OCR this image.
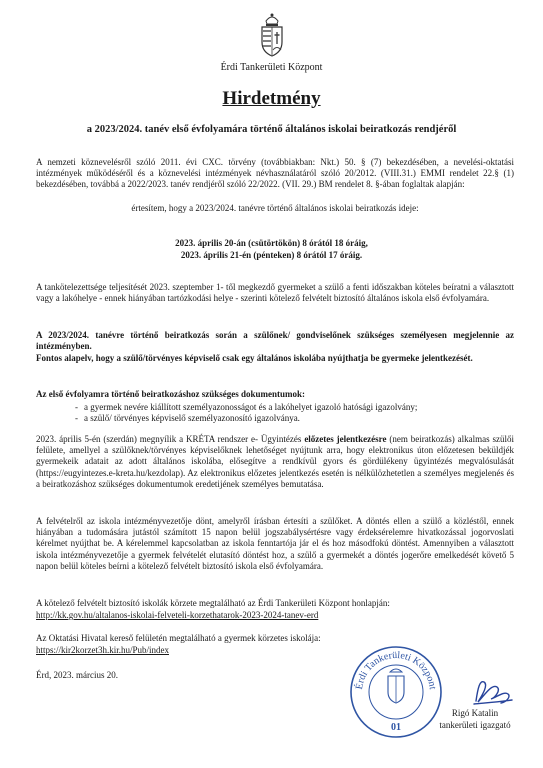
Érdi Tankerületi Központ
Hirdetmény
a 2023/2024. tanév első évfolyamára történő általános iskolai beiratkozás rendjéről
A nemzeti köznevelésről szóló 2011. évi CXC. törvény (továbbiakban: Nkt.) 50. § (7) bekezdésében, a nevelési-oktatási intézmények működéséről és a köznevelési intézmények névhasználatáról szóló 20/2012. (VIII.31.) EMMI rendelet 22.§ (1) bekezdésében, továbbá a 2022/2023. tanév rendjéről szóló 22/2022. (VII. 29.) BM rendelet 8. §-ában foglaltak alapján:
értesítem, hogy a 2023/2024. tanévre történő általános iskolai beiratkozás ideje:
2023. április 20-án (csütörtökön) 8 órától 18 óráig,
2023. április 21-én (pénteken) 8 órától 17 óráig.
A tankötelezettsége teljesítését 2023. szeptember 1- től megkezdő gyermeket a szülő a fenti időszakban köteles beíratni a választott vagy a lakóhelye - ennek hiányában tartózkodási helye - szerinti kötelező felvételt biztosító általános iskola első évfolyamára.
A 2023/2024. tanévre történő beiratkozás során a szülőnek/ gondviselőnek szükséges személyesen megjelennie az intézményben.
Fontos alapelv, hogy a szülő/törvényes képviselő csak egy általános iskolába nyújthatja be gyermeke jelentkezését.
Az első évfolyamra történő beiratkozáshoz szükséges dokumentumok:
- a gyermek nevére kiállított személyazonosságot és a lakóhelyet igazoló hatósági igazolvány;
- a szülő/ törvényes képviselő személyazonosító igazolványa.
2023. április 5-én (szerdán) megnyílik a KRÉTA rendszer e- Ügyintézés előzetes jelentkezésre (nem beiratkozás) alkalmas szülői felülete, amellyel a szülőknek/törvényes képviselőknek lehetőséget nyújtunk arra, hogy elektronikus úton előzetesen beküldjék gyermekeik adatait az adott általános iskolába, elősegítve a rendkívül gyors és gördülékeny ügyintézés megvalósulását (https://eugyintezes.e-kreta.hu/kezdolap). Az elektronikus előzetes jelentkezés esetén is nélkülözhetetlen a személyes megjelenés és a beiratkozáshoz szükséges dokumentumok eredetijének személyes bemutatása.
A felvételről az iskola intézményvezetője dönt, amelyről írásban értesíti a szülőket. A döntés ellen a szülő a közléstől, ennek hiányában a tudomására jutástól számított 15 napon belül jogszabálysértésre vagy érdeksérelemre hivatkozással jogorvoslati kérelmet nyújthat be. A kérelemmel kapcsolatban az iskola fenntartója jár el és hoz másodfokú döntést. Amennyiben a választott iskola intézményvezetője a gyermek felvételét elutasító döntést hoz, a szülő a gyermekét a döntés jogerőre emelkedését követő 5 napon belül köteles beírni a kötelező felvételt biztosító iskola első évfolyamára.
A kötelező felvételt biztosító iskolák körzete megtalálható az Érdi Tankerületi Központ honlapján:
http://kk.gov.hu/altalanos-iskolai-felveteli-korzethatarok-2023-2024-tanev-erd
Az Oktatási Hivatal kereső felületén megtalálható a gyermek körzetes iskolája:
https://kir2korzet3h.kir.hu/Pub/index
Érd, 2023. március 20.
Érdi Tankerületi Központ
01
Rigó Katalin
tankerületi igazgató
